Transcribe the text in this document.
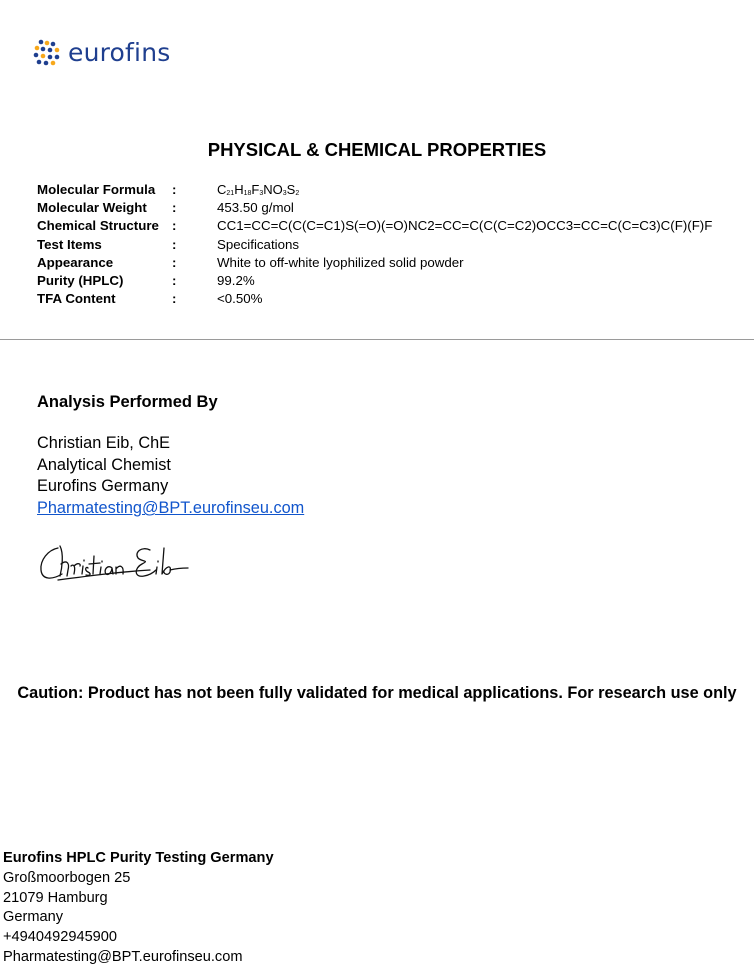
eurofins
PHYSICAL & CHEMICAL PROPERTIES
Molecular Formula	:	$C_{21}H_{18}F_3NO_3S_2$
Molecular Weight	:	453.50 g/mol
Chemical Structure :	CC1=CC=C(C(C=C1)S(=O)(=O)NC2=CC=C(C(C=C2)OCC3=CC=C(C=C3)C(F)(F)F
Test Items	:	Specifications
Appearance	:	White to off-white lyophilized solid powder
Purity (HPLC)	:	99.2%
TFA Content	:	<0.50%
Analysis Performed By
Christian Eib, ChE
Analytical Chemist
Eurofins Germany
Pharmatesting@BPT.eurofinseu.com
Caution: Product has not been fully validated for medical applications. For research use only
Eurofins HPLC Purity Testing Germany
Großmoorbogen 25
21079 Hamburg
Germany
+4940492945900
Pharmatesting@BPT.eurofinseu.com
